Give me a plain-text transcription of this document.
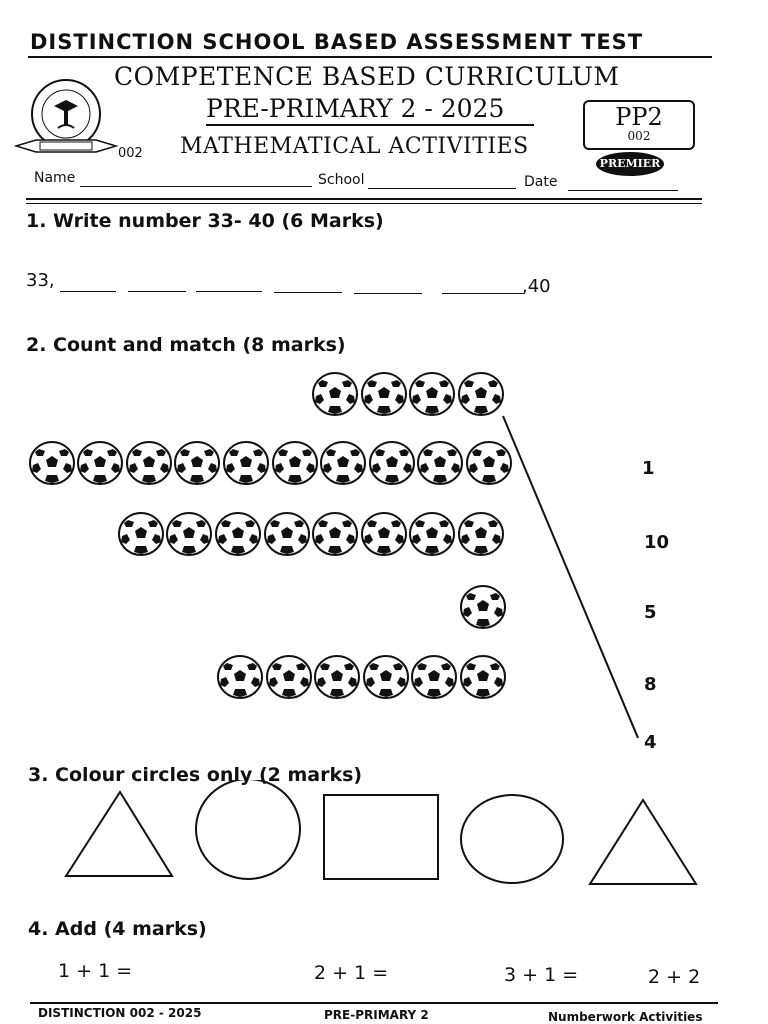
DISTINCTION SCHOOL BASED ASSESSMENT TEST
COMPETENCE BASED CURRICULUM
PRE-PRIMARY 2 - 2025
MATHEMATICAL ACTIVITIES
002
PP2
002
PREMIER
Name	School	Date
1. Write number 33- 40 (6 Marks)
33,	,40
2. Count and match (8 marks)
1
10
5
8
4
3. Colour circles only (2 marks)
4. Add (4 marks)
1 + 1 =	2 + 1 =	3 + 1 =	2 + 2
DISTINCTION 002 - 2025	PRE-PRIMARY 2	Numberwork Activities
